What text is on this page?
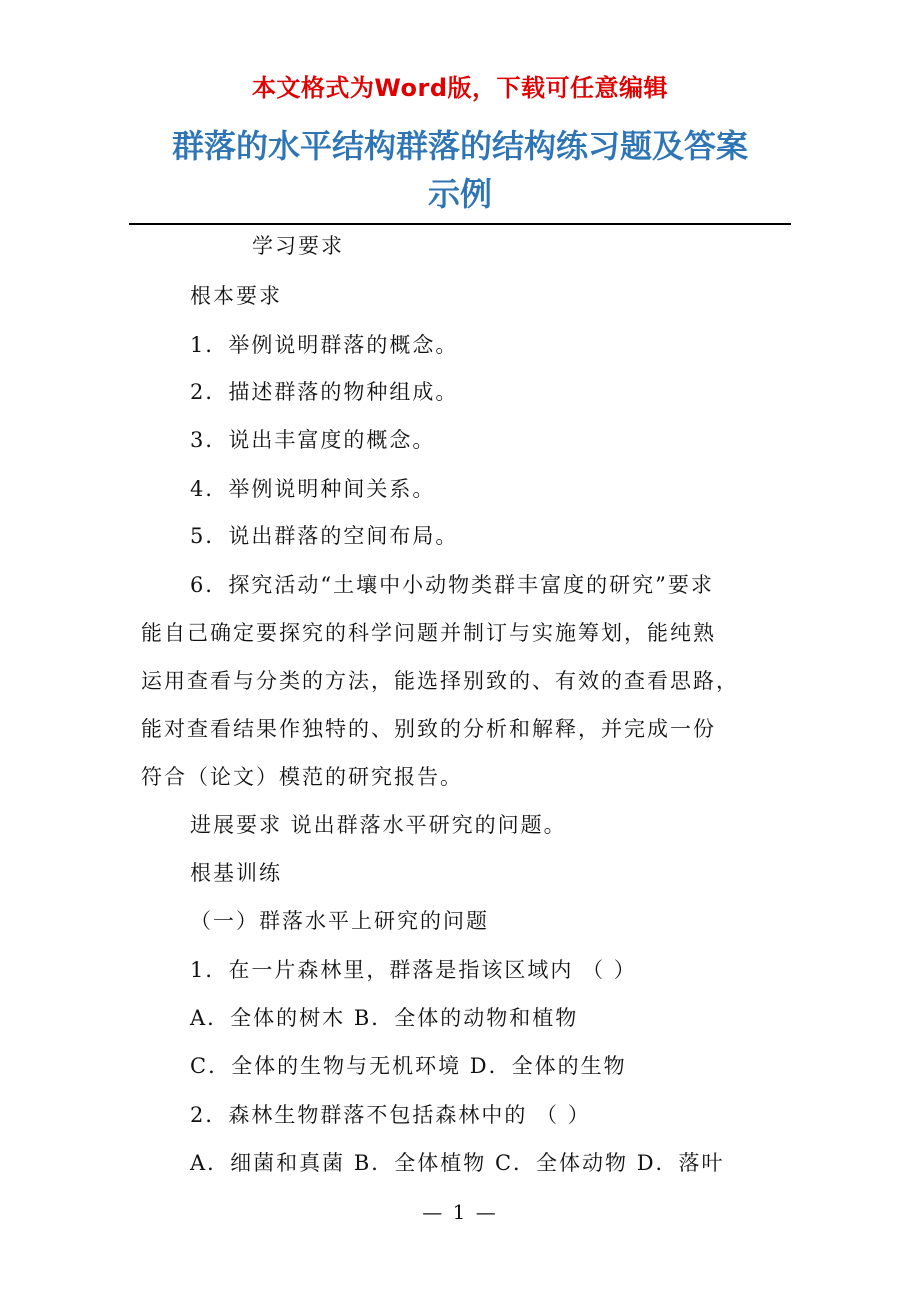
本文格式为Word版，下载可任意编辑
群落的水平结构群落的结构练习题及答案
示例
学习要求
根本要求
1．举例说明群落的概念。
2．描述群落的物种组成。
3．说出丰富度的概念。
4．举例说明种间关系。
5．说出群落的空间布局。
6．探究活动“土壤中小动物类群丰富度的研究”要求
能自己确定要探究的科学问题并制订与实施筹划，能纯熟
运用查看与分类的方法，能选择别致的、有效的查看思路，
能对查看结果作独特的、别致的分析和解释，并完成一份
符合（论文）模范的研究报告。
进展要求 说出群落水平研究的问题。
根基训练
（一）群落水平上研究的问题
1．在一片森林里，群落是指该区域内 （ ）
A．全体的树木 B．全体的动物和植物
C．全体的生物与无机环境 D．全体的生物
2．森林生物群落不包括森林中的 （ ）
A．细菌和真菌 B．全体植物 C．全体动物 D．落叶
— 1 —
